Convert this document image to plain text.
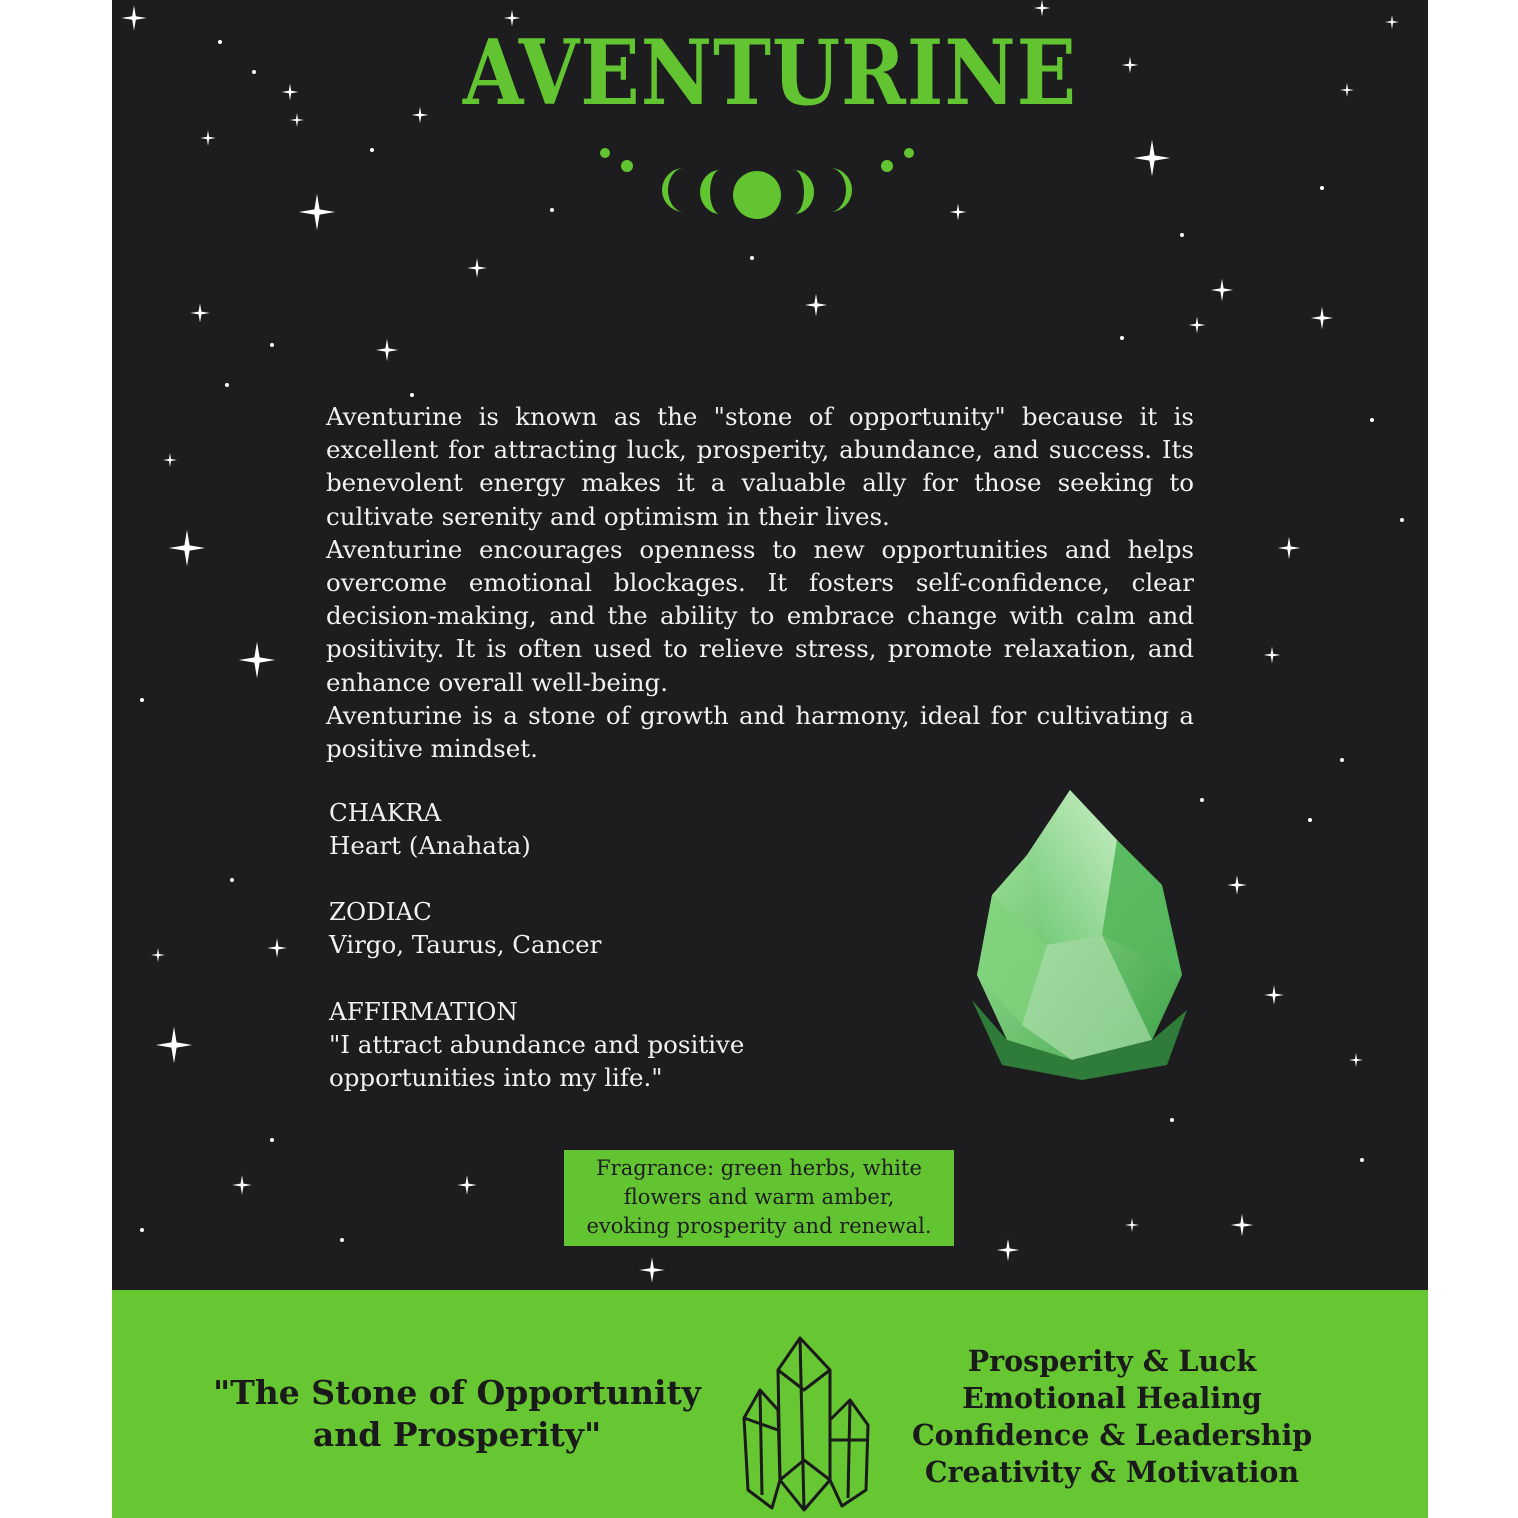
AVENTURINE

Aventurine is known as the "stone of opportunity" because it is excellent for attracting luck, prosperity, abundance, and success. Its benevolent energy makes it a valuable ally for those seeking to cultivate serenity and optimism in their lives.

Aventurine encourages openness to new opportunities and helps overcome emotional blockages. It fosters self-confidence, clear decision-making, and the ability to embrace change with calm and positivity. It is often used to relieve stress, promote relaxation, and enhance overall well-being.

Aventurine is a stone of growth and harmony, ideal for cultivating a positive mindset.

CHAKRA
Heart (Anahata)
ZODIAC
Virgo, Taurus, Cancer
AFFIRMATION
"I attract abundance and positive opportunities into my life."
Fragrance: green herbs, white
flowers and warm amber,
evoking prosperity and renewal.
"The Stone of Opportunity
and Prosperity"
Prosperity & Luck
Emotional Healing
Confidence & Leadership
Creativity & Motivation
